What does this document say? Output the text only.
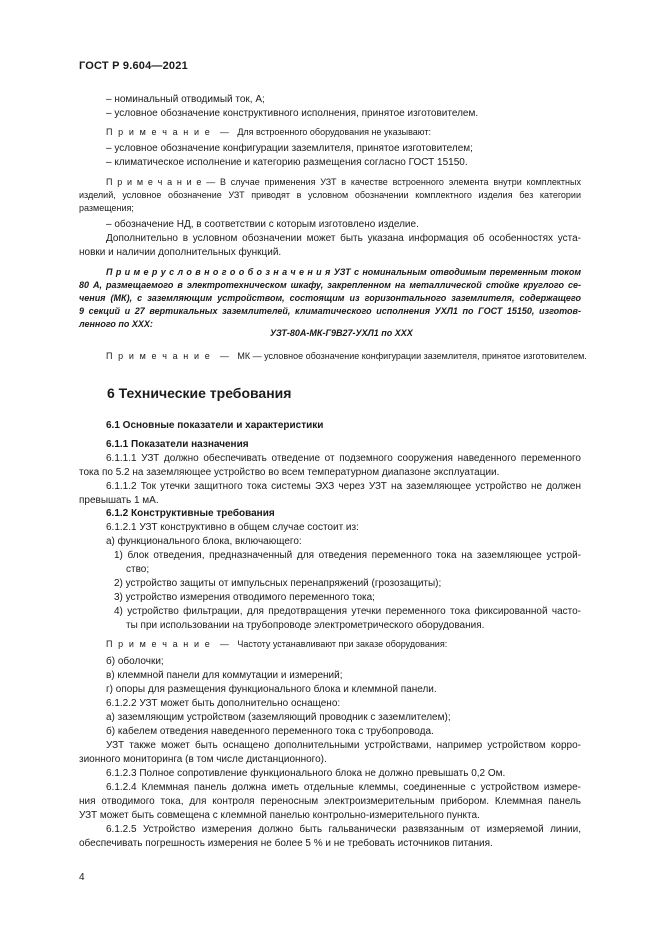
ГОСТ Р 9.604—2021
– номинальный отводимый ток, А;
– условное обозначение конструктивного исполнения, принятое изготовителем.
П р и м е ч а н и е — Для встроенного оборудования не указывают:
– условное обозначение конфигурации заземлителя, принятое изготовителем;
– климатическое исполнение и категорию размещения согласно ГОСТ 15150.
П р и м е ч а н и е — В случае применения УЗТ в качестве встроенного элемента внутри комплектных
изделий, условное обозначение УЗТ приводят в условном обозначении комплектного изделия без категории
размещения;
– обозначение НД, в соответствии с которым изготовлено изделие.
Дополнительно в условном обозначении может быть указана информация об особенностях уста-
новки и наличии дополнительных функций.
П р и м е р у с л о в н о г о о б о з н а ч е н и я УЗТ с номинальным отводимым переменным током
80 А, размещаемого в электротехническом шкафу, закрепленном на металлической стойке круглого се-
чения (МК), с заземляющим устройством, состоящим из горизонтального заземлителя, содержащего
9 секций и 27 вертикальных заземлителей, климатического исполнения УХЛ1 по ГОСТ 15150, изготов-
ленного по ХХХ:
УЗТ-80А-МК-Г9В27-УХЛ1 по ХХХ
П р и м е ч а н и е — МК — условное обозначение конфигурации заземлителя, принятое изготовителем.
6 Технические требования
6.1 Основные показатели и характеристики
6.1.1 Показатели назначения
6.1.1.1 УЗТ должно обеспечивать отведение от подземного сооружения наведенного переменного
тока по 5.2 на заземляющее устройство во всем температурном диапазоне эксплуатации.
6.1.1.2 Ток утечки защитного тока системы ЭХЗ через УЗТ на заземляющее устройство не должен
превышать 1 мА.
6.1.2 Конструктивные требования
6.1.2.1 УЗТ конструктивно в общем случае состоит из:
а) функционального блока, включающего:
1) блок отведения, предназначенный для отведения переменного тока на заземляющее устрой-
ство;
2) устройство защиты от импульсных перенапряжений (грозозащиты);
3) устройство измерения отводимого переменного тока;
4) устройство фильтрации, для предотвращения утечки переменного тока фиксированной часто-
ты при использовании на трубопроводе электрометрического оборудования.
П р и м е ч а н и е — Частоту устанавливают при заказе оборудования:
б) оболочки;
в) клеммной панели для коммутации и измерений;
г) опоры для размещения функционального блока и клеммной панели.
6.1.2.2 УЗТ может быть дополнительно оснащено:
а) заземляющим устройством (заземляющий проводник с заземлителем);
б) кабелем отведения наведенного переменного тока с трубопровода.
УЗТ также может быть оснащено дополнительными устройствами, например устройством корро-
зионного мониторинга (в том числе дистанционного).
6.1.2.3 Полное сопротивление функционального блока не должно превышать 0,2 Ом.
6.1.2.4 Клеммная панель должна иметь отдельные клеммы, соединенные с устройством измере-
ния отводимого тока, для контроля переносным электроизмерительным прибором. Клеммная панель
УЗТ может быть совмещена с клеммной панелью контрольно-измерительного пункта.
6.1.2.5 Устройство измерения должно быть гальванически развязанным от измеряемой линии,
обеспечивать погрешность измерения не более 5 % и не требовать источников питания.
4
